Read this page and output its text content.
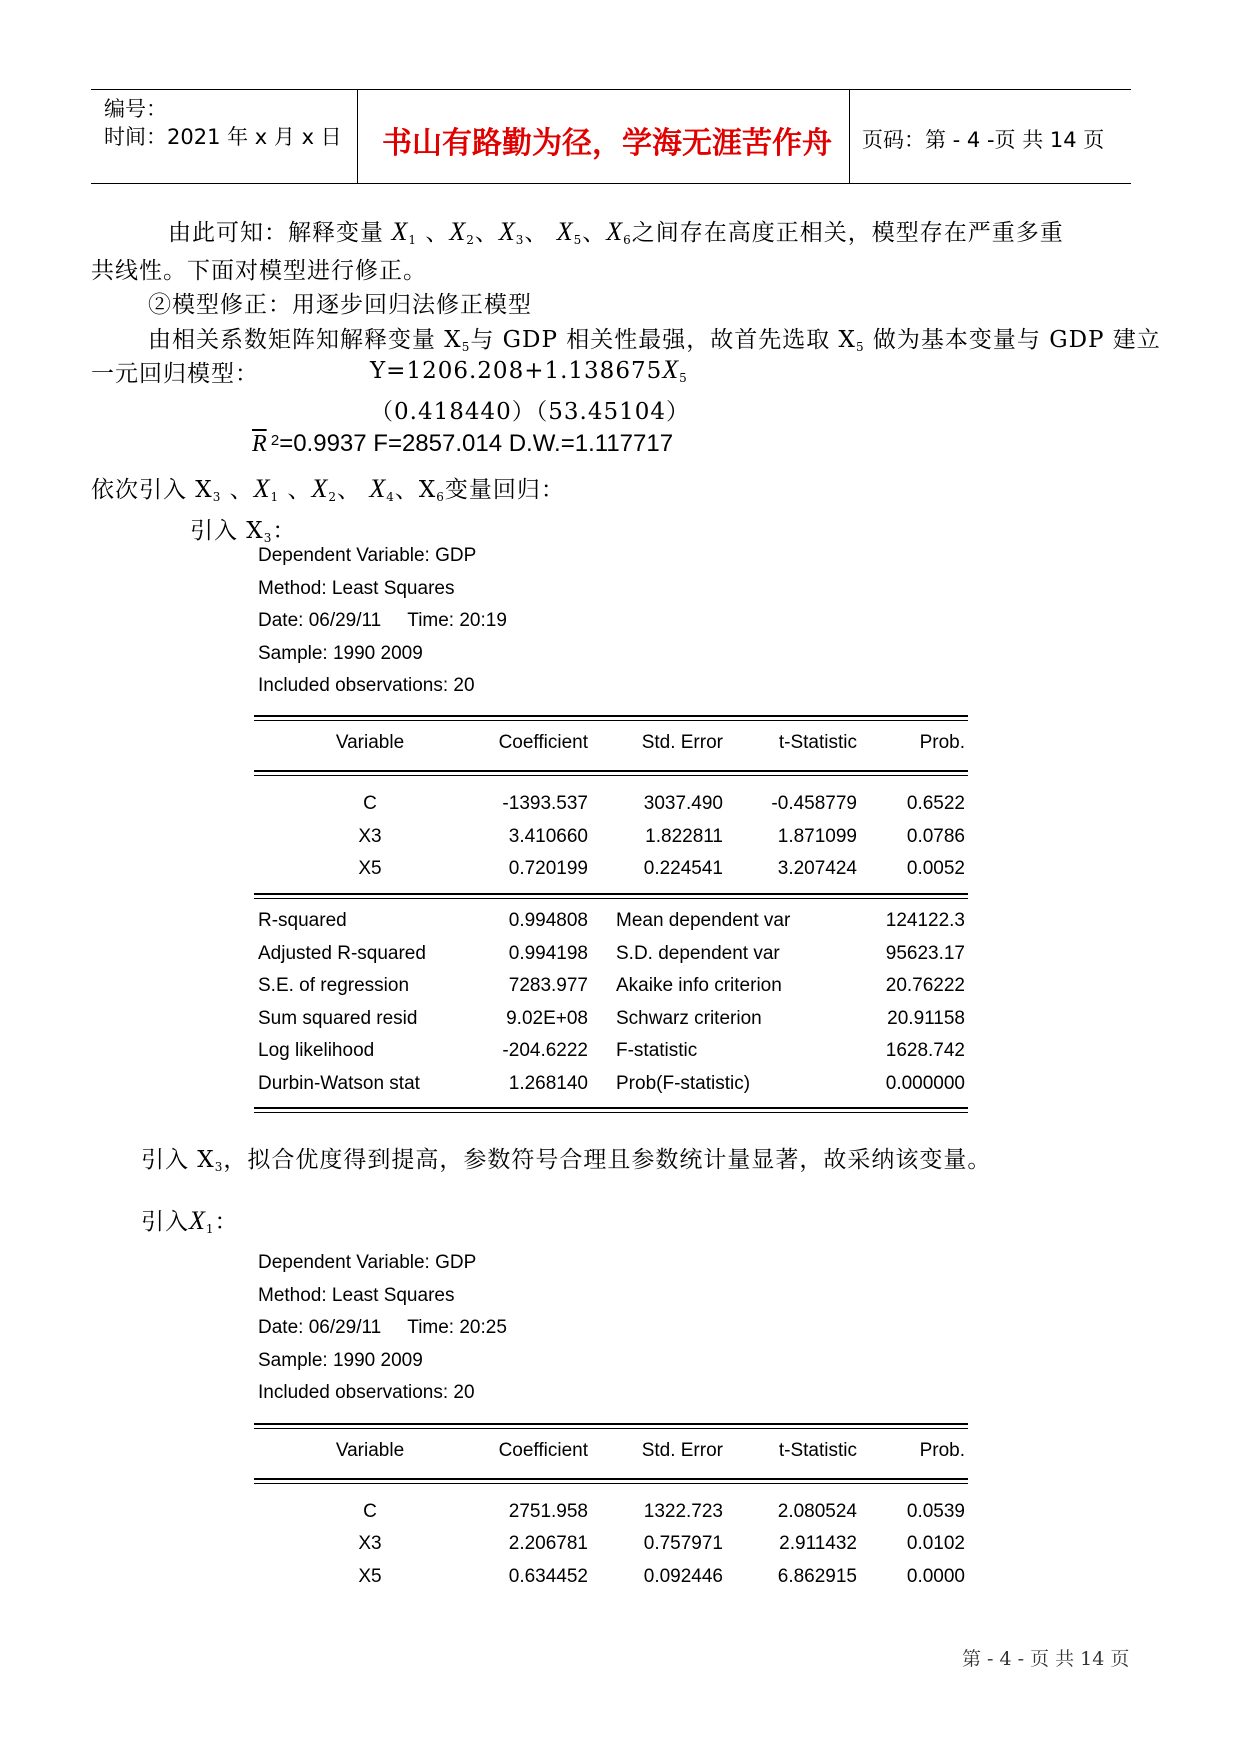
编号：
时间：2021 年 x 月 x 日 书山有路勤为径，学海无涯苦作舟 页码：第 - 4 -页 共 14 页
由此可知：解释变量 $X_1$ 、$X_2$、$X_3$、 $X_5$、$X_6$之间存在高度正相关，模型存在严重多重
共线性。下面对模型进行修正。
②模型修正：用逐步回归法修正模型
由相关系数矩阵知解释变量 $X_5$与 GDP 相关性最强，故首先选取 $X_5$ 做为基本变量与 GDP 建立
一元回归模型：	$Y=1206.208+1.138675X_5$
（0.418440）（53.45104）
$\overline{R}$ $^2$=0.9937 F=2857.014 D.W.=1.117717
依次引入 $X_3$ 、$X_1$ 、$X_2$、 $X_4$、$X_6$变量回归：
引入 $X_3$：
Dependent Variable: GDP
Method: Least Squares
Date: 06/29/11     Time: 20:19
Sample: 1990 2009
Included observations: 20
Variable	Coefficient	Std. Error	t-Statistic	Prob.
C	-1393.537	3037.490	-0.458779	0.6522
X3	3.410660	1.822811	1.871099	0.0786
X5	0.720199	0.224541	3.207424	0.0052
R-squared	0.994808 Mean dependent var	124122.3
Adjusted R-squared	0.994198 S.D. dependent var	95623.17
S.E. of regression	7283.977 Akaike info criterion	20.76222
Sum squared resid	9.02E+08 Schwarz criterion	20.91158
Log likelihood	-204.6222 F-statistic	1628.742
Durbin-Watson stat	1.268140 Prob(F-statistic)	0.000000
引入 $X_3$，拟合优度得到提高，参数符号合理且参数统计量显著，故采纳该变量。
引入$X_1$：
Dependent Variable: GDP
Method: Least Squares
Date: 06/29/11     Time: 20:25
Sample: 1990 2009
Included observations: 20
Variable	Coefficient	Std. Error	t-Statistic	Prob.
C	2751.958	1322.723	2.080524	0.0539
X3	2.206781	0.757971	2.911432	0.0102
X5	0.634452	0.092446	6.862915	0.0000
第 - 4 - 页 共 14 页
